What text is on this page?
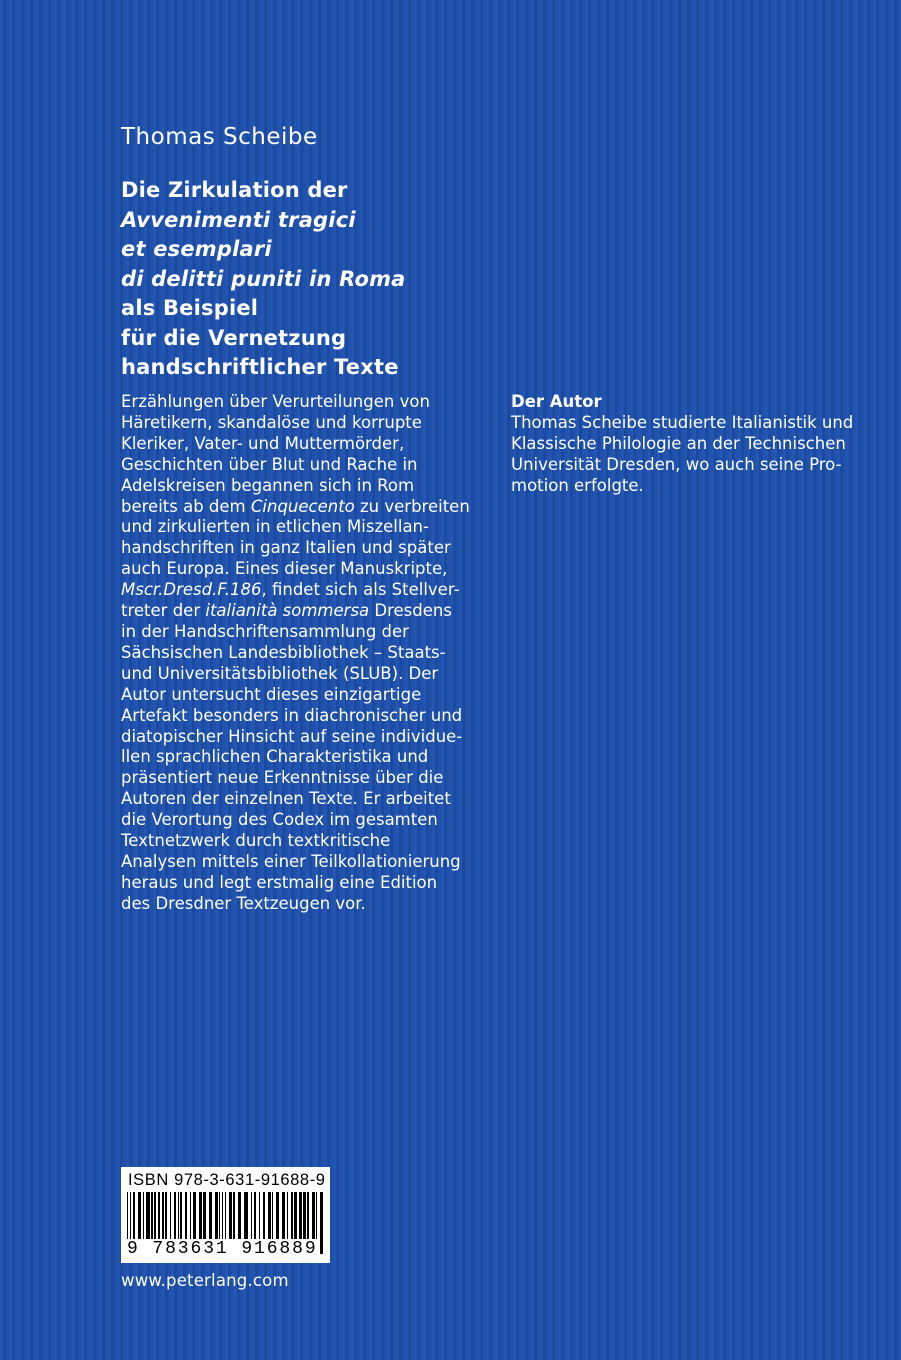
Thomas Scheibe
Die Zirkulation der
Avvenimenti tragici
et esemplari
di delitti puniti in Roma
als Beispiel
für die Vernetzung
handschriftlicher Texte
Erzählungen über Verurteilungen von
Häretikern, skandalöse und korrupte
Kleriker, Vater- und Muttermörder,
Geschichten über Blut und Rache in
Adelskreisen begannen sich in Rom
bereits ab dem Cinquecento zu verbreiten
und zirkulierten in etlichen Miszellan-
handschriften in ganz Italien und später
auch Europa. Eines dieser Manuskripte,
Mscr.Dresd.F.186, findet sich als Stellver-
treter der italianità sommersa Dresdens
in der Handschriftensammlung der
Sächsischen Landesbibliothek – Staats-
und Universitätsbibliothek (SLUB). Der
Autor untersucht dieses einzigartige
Artefakt besonders in diachronischer und
diatopischer Hinsicht auf seine individue-
llen sprachlichen Charakteristika und
präsentiert neue Erkenntnisse über die
Autoren der einzelnen Texte. Er arbeitet
die Verortung des Codex im gesamten
Textnetzwerk durch textkritische
Analysen mittels einer Teilkollationierung
heraus und legt erstmalig eine Edition
des Dresdner Textzeugen vor.
Der Autor
Thomas Scheibe studierte Italianistik und
Klassische Philologie an der Technischen
Universität Dresden, wo auch seine Pro-
motion erfolgte.
ISBN 978-3-631-91688-9
9 783631 916889
www.peterlang.com
